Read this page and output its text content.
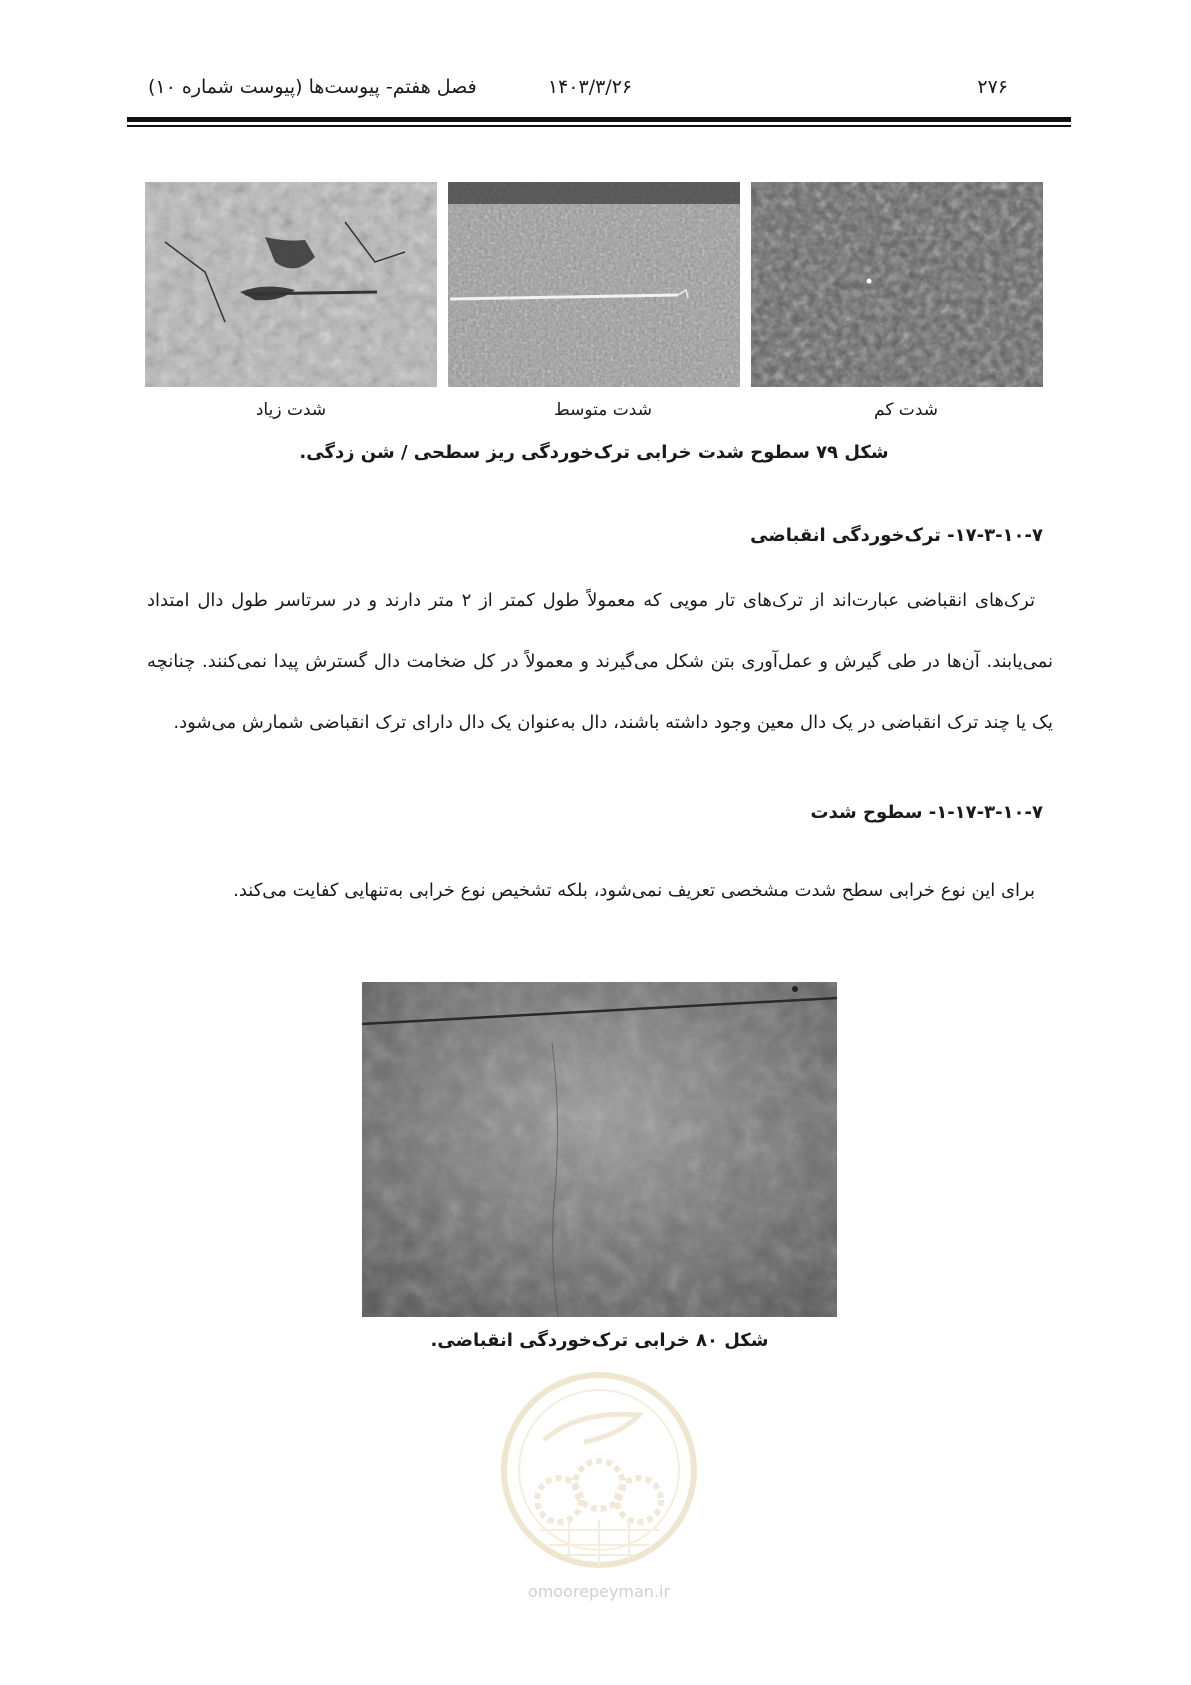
۲۷۶
۱۴۰۳/۳/۲۶
فصل هفتم- پیوست‌ها (پیوست شماره ۱۰)
شدت زیاد	شدت متوسط	شدت کم
شکل ۷۹ سطوح شدت خرابی ترک‌خوردگی ریز سطحی / شن زدگی.
۱۷-۳-۱۰-۷- ترک‌خوردگی انقباضی
ترک‌های انقباضی عبارت‌اند از ترک‌های تار مویی که معمولاً طول کمتر از ۲ متر دارند و در سرتاسر طول دال امتداد نمی‌یابند. آن‌ها در طی گیرش و عمل‌آوری بتن شکل می‌گیرند و معمولاً در کل ضخامت دال گسترش پیدا نمی‌کنند. چنانچه یک یا چند ترک انقباضی در یک دال معین وجود داشته باشند، دال به‌عنوان یک دال دارای ترک انقباضی شمارش می‌شود.
۱-۱۷-۳-۱۰-۷- سطوح شدت
برای این نوع خرابی سطح شدت مشخصی تعریف نمی‌شود، بلکه تشخیص نوع خرابی به‌تنهایی کفایت می‌کند.
شکل ۸۰ خرابی ترک‌خوردگی انقباضی.
omoorepeyman.ir
